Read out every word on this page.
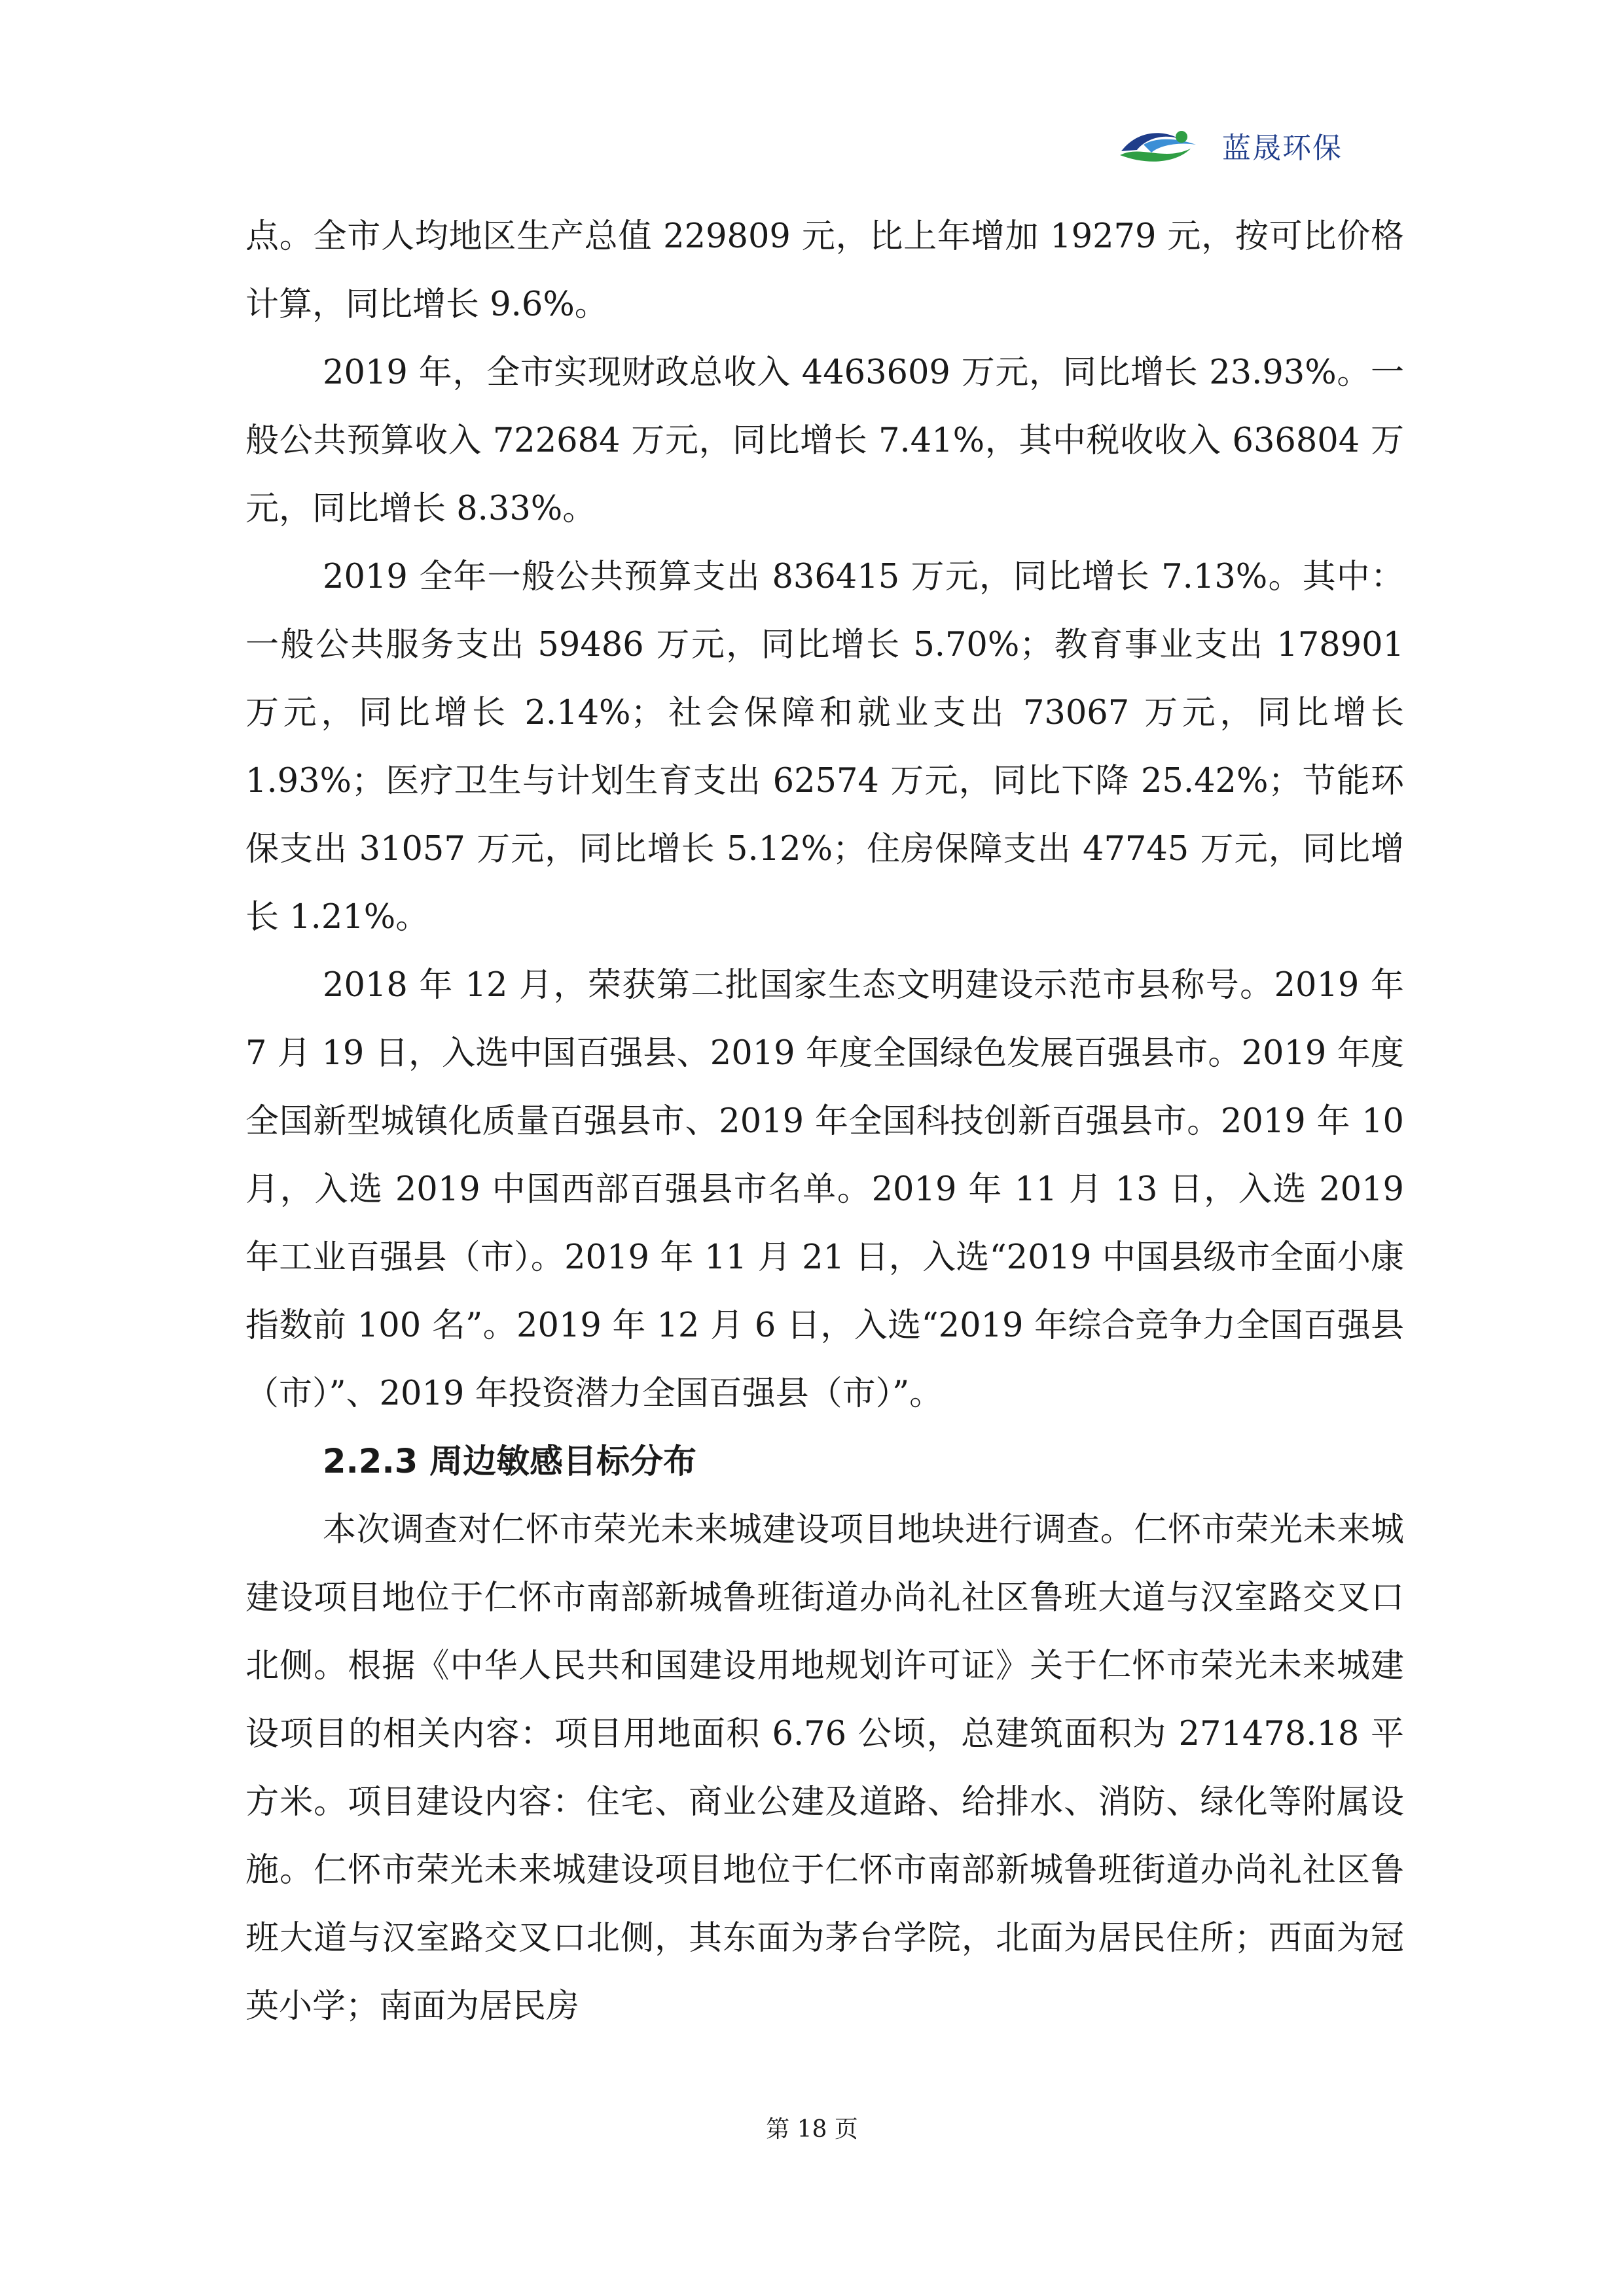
蓝晟环保

点。全市人均地区生产总值 229809 元，比上年增加 19279 元，按可比价格计算，同比增长 9.6%。

2019 年，全市实现财政总收入 4463609 万元，同比增长 23.93%。一般公共预算收入 722684 万元，同比增长 7.41%，其中税收收入 636804 万元，同比增长 8.33%。

2019 全年一般公共预算支出 836415 万元，同比增长 7.13%。其中：一般公共服务支出 59486 万元，同比增长 5.70%；教育事业支出 178901 万元，同比增长 2.14%；社会保障和就业支出 73067 万元，同比增长 1.93%；医疗卫生与计划生育支出 62574 万元，同比下降 25.42%；节能环保支出 31057 万元，同比增长 5.12%；住房保障支出 47745 万元，同比增长 1.21%。

2018 年 12 月，荣获第二批国家生态文明建设示范市县称号。2019 年 7 月 19 日，入选中国百强县、2019 年度全国绿色发展百强县市。2019 年度全国新型城镇化质量百强县市、2019 年全国科技创新百强县市。2019 年 10 月，入选 2019 中国西部百强县市名单。2019 年 11 月 13 日，入选 2019 年工业百强县（市）。2019 年 11 月 21 日，入选“2019 中国县级市全面小康指数前 100 名”。2019 年 12 月 6 日，入选“2019 年综合竞争力全国百强县（市）”、2019 年投资潜力全国百强县（市）”。

2.2.3 周边敏感目标分布

本次调查对仁怀市荣光未来城建设项目地块进行调查。仁怀市荣光未来城建设项目地位于仁怀市南部新城鲁班街道办尚礼社区鲁班大道与汉室路交叉口北侧。根据《中华人民共和国建设用地规划许可证》关于仁怀市荣光未来城建设项目的相关内容：项目用地面积 6.76 公顷，总建筑面积为 271478.18 平方米。项目建设内容：住宅、商业公建及道路、给排水、消防、绿化等附属设施。仁怀市荣光未来城建设项目地位于仁怀市南部新城鲁班街道办尚礼社区鲁班大道与汉室路交叉口北侧，其东面为茅台学院，北面为居民住所；西面为冠英小学；南面为居民房

第 18 页
